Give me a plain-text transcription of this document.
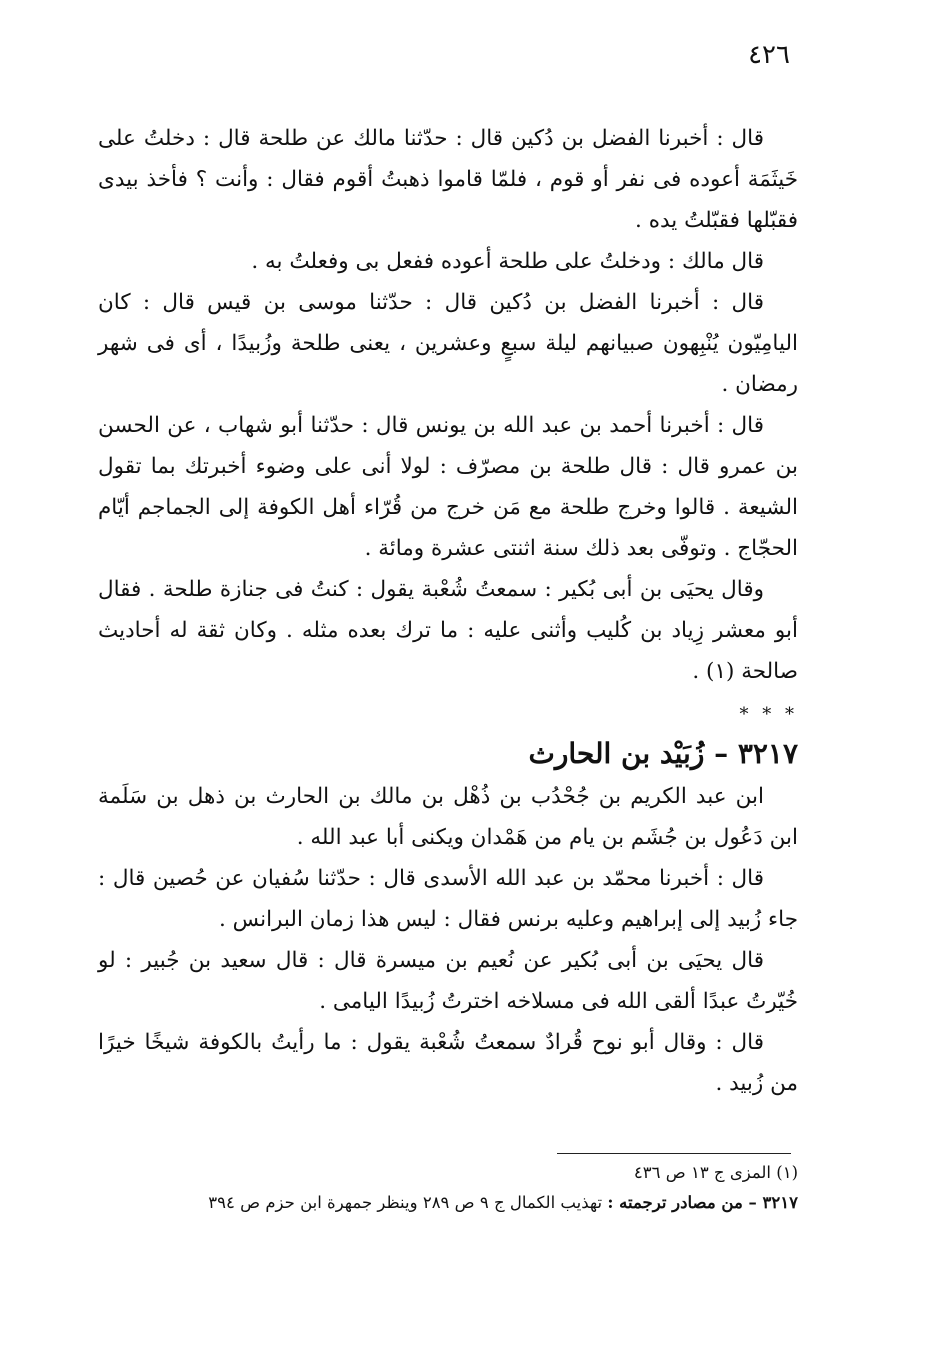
٤٢٦

قال : أخبرنا الفضل بن دُكين قال : حدّثنا مالك عن طلحة قال : دخلتُ على خَيثَمَة أعوده فى نفر أو قوم ، فلمّا قاموا ذهبتُ أقوم فقال : وأنت ؟ فأخذ بيدى فقبّلها فقبّلتُ يده .

قال مالك : ودخلتُ على طلحة أعوده ففعل بى وفعلتُ به .

قال : أخبرنا الفضل بن دُكين قال : حدّثنا موسى بن قيس قال : كان اليامِيّون يُنْبِهون صبيانهم ليلة سبعٍ وعشرين ، يعنى طلحة وزُبيدًا ، أى فى شهر رمضان .

قال : أخبرنا أحمد بن عبد الله بن يونس قال : حدّثنا أبو شهاب ، عن الحسن بن عمرو قال : قال طلحة بن مصرّف : لولا أنى على وضوء أخبرتك بما تقول الشيعة . قالوا وخرج طلحة مع مَن خرج من قُرّاء أهل الكوفة إلى الجماجم أيّام الحجّاج . وتوفّى بعد ذلك سنة اثنتى عشرة ومائة .

وقال يحيَى بن أبى بُكير : سمعتُ شُعْبة يقول : كنتُ فى جنازة طلحة . فقال أبو معشر زِياد بن كُليب وأثنى عليه : ما ترك بعده مثله . وكان ثقة له أحاديث صالحة (١) .

* * *
٣٢١٧ – زُبَيْد بن الحارث

ابن عبد الكريم بن جُحْدُب بن ذُهْل بن مالك بن الحارث بن ذهل بن سَلَمة ابن دَعُول بن جُشَم بن يام من هَمْدان ويكنى أبا عبد الله .

قال : أخبرنا محمّد بن عبد الله الأسدى قال : حدّثنا سُفيان عن حُصين قال : جاء زُبيد إلى إبراهيم وعليه برنس فقال : ليس هذا زمان البرانس .

قال يحيَى بن أبى بُكير عن نُعيم بن ميسرة قال : قال سعيد بن جُبير : لو خُيّرتُ عبدًا ألقى الله فى مسلاخه اخترتُ زُبيدًا اليامى .

قال : وقال أبو نوح قُرادٌ سمعتُ شُعْبة يقول : ما رأيتُ بالكوفة شيخًا خيرًا من زُبيد .

(١) المزى ج ١٣ ص ٤٣٦

٣٢١٧ – من مصادر ترجمته : تهذيب الكمال ج ٩ ص ٢٨٩ وينظر جمهرة ابن حزم ص ٣٩٤
